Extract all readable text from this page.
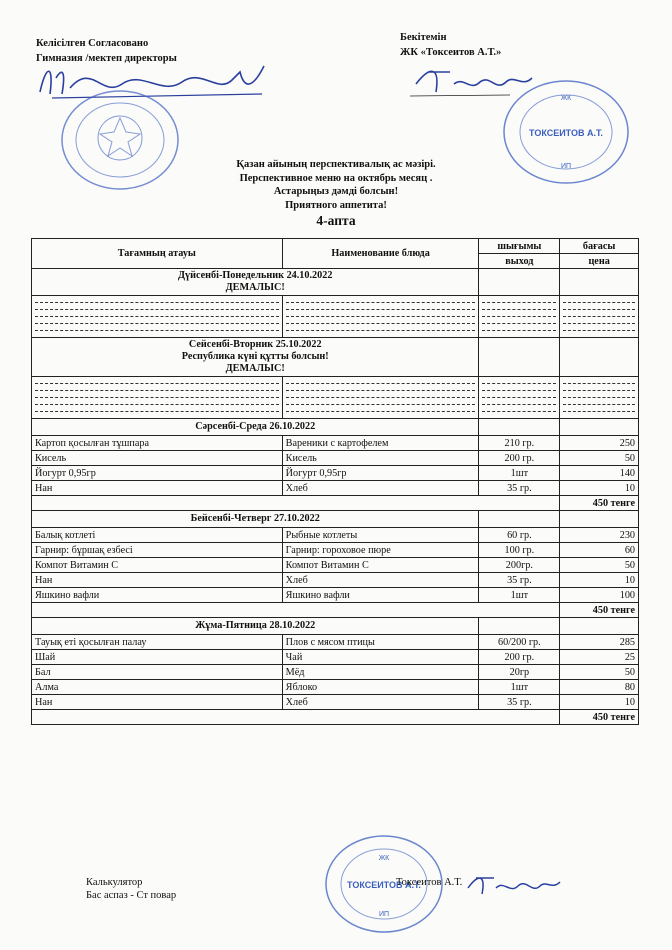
Келісілген Согласовано
Гимназия /мектеп директоры
Бекітемін
ЖК «Токсеитов А.Т.»
ЖК
ТОКСЕИТОВ А.Т.
ИП
Қазан айының перспективалық ас мәзірі.
Перспективное меню на октябрь месяц .
Астарыңыз дәмді болсын!
Приятного аппетита!
4-апта
Тағамның атауы	Наименование блюда	шығымы	бағасы
		выход	цена

Дүйсенбі-Понедельник 24.10.2022
ДЕМАЛЫС!			

Сейсенбі-Вторник 25.10.2022
Республика күні құтты болсын!
ДЕМАЛЫС!			

Сәрсенбі-Среда 26.10.2022			
Картоп қосылған тұшпара	Вареники с картофелем	210 гр.	250
Кисель	Кисель	200 гр.	50
Йогурт 0,95гр	Йогурт 0,95гр	1шт	140
Нан	Хлеб	35 гр.	10
			450 тенге
Бейсенбі-Четверг 27.10.2022			
Балық котлеті	Рыбные котлеты	60 гр.	230
Гарнир: бұршақ езбесі	Гарнир: гороховое пюре	100 гр.	60
Компот Витамин С	Компот Витамин С	200гр.	50
Нан	Хлеб	35 гр.	10
Яшкино вафли	Яшкино вафли	1шт	100
			450 тенге
Жұма-Пятница 28.10.2022			
Тауық еті қосылған палау	Плов с мясом птицы	60/200 гр.	285
Шай	Чай	200 гр.	25
Бал	Мёд	20гр	50
Алма	Яблоко	1шт	80
Нан	Хлеб	35 гр.	10
			450 тенге
ЖК
ТОКСЕИТОВ А.Т.
ИП
Калькулятор
Бас аспаз - Ст повар
Токсеитов А.Т.
